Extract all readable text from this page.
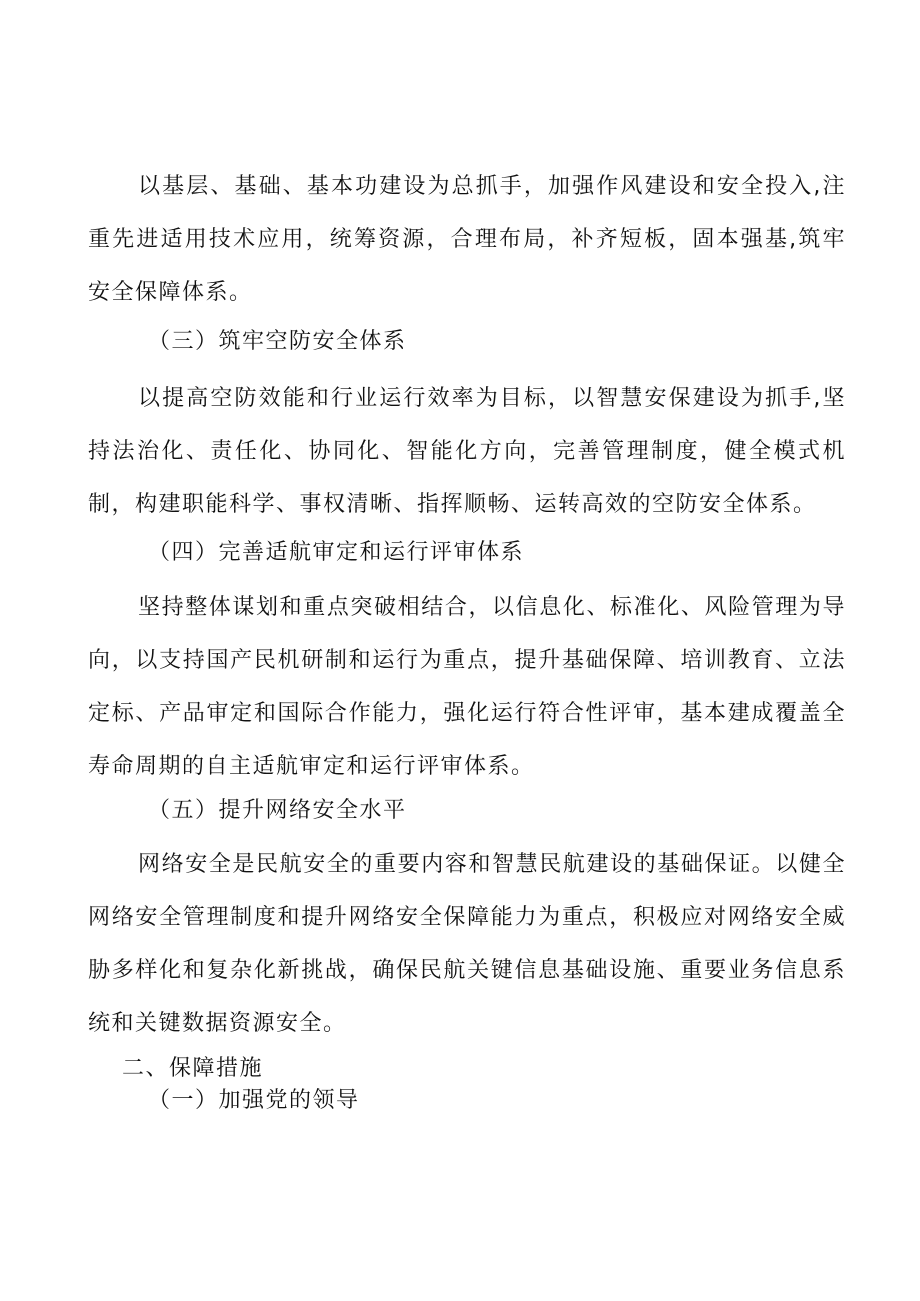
以基层、基础、基本功建设为总抓手，加强作风建设和安全投入,注重先进适用技术应用，统筹资源，合理布局，补齐短板，固本强基,筑牢安全保障体系。

（三）筑牢空防安全体系

以提高空防效能和行业运行效率为目标，以智慧安保建设为抓手,坚持法治化、责任化、协同化、智能化方向，完善管理制度，健全模式机制，构建职能科学、事权清晰、指挥顺畅、运转高效的空防安全体系。

（四）完善适航审定和运行评审体系

坚持整体谋划和重点突破相结合，以信息化、标准化、风险管理为导向，以支持国产民机研制和运行为重点，提升基础保障、培训教育、立法定标、产品审定和国际合作能力，强化运行符合性评审，基本建成覆盖全寿命周期的自主适航审定和运行评审体系。

（五）提升网络安全水平

网络安全是民航安全的重要内容和智慧民航建设的基础保证。以健全网络安全管理制度和提升网络安全保障能力为重点，积极应对网络安全威胁多样化和复杂化新挑战，确保民航关键信息基础设施、重要业务信息系统和关键数据资源安全。

二、保障措施

（一）加强党的领导
